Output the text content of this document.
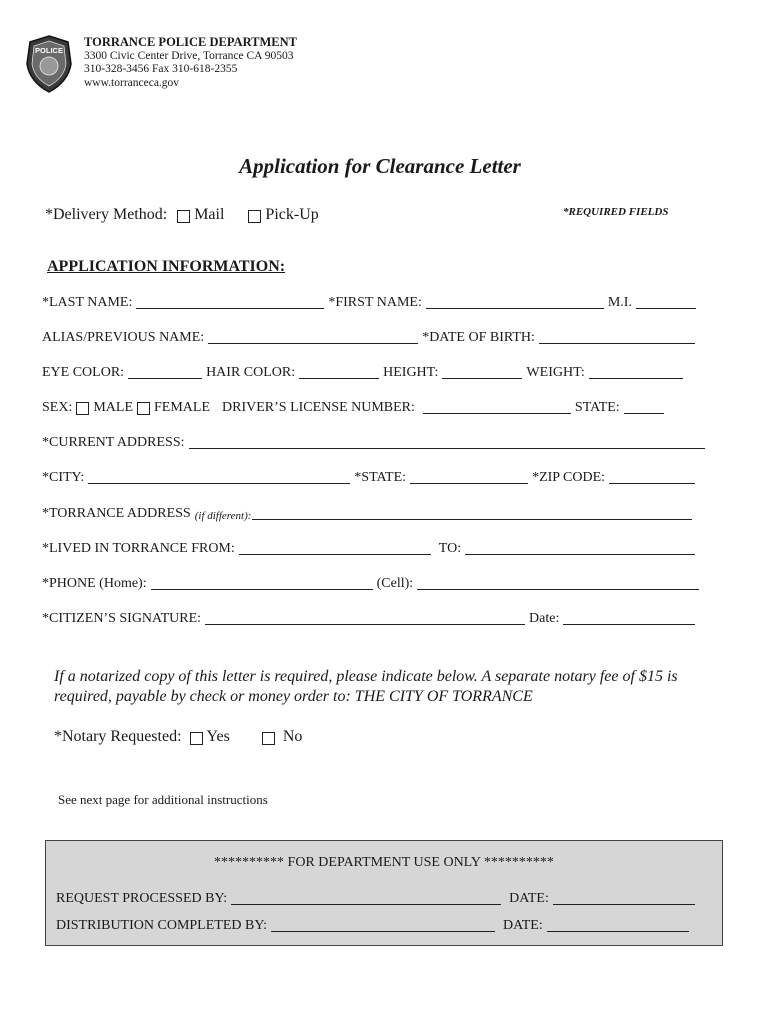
POLICE
TORRANCE POLICE DEPARTMENT
3300 Civic Center Drive, Torrance CA 90503
310-328-3456 Fax 310-618-2355
www.torranceca.gov
Application for Clearance Letter
*Delivery Method: Mail	Pick-Up	*REQUIRED FIELDS
APPLICATION INFORMATION:
*LAST NAME:	*FIRST NAME:	M.I.
ALIAS/PREVIOUS NAME:	*DATE OF BIRTH:
EYE COLOR:	HAIR COLOR:	HEIGHT:	WEIGHT:
SEX: MALE FEMALE DRIVER’S LICENSE NUMBER:	STATE:
*CURRENT ADDRESS:
*CITY:	*STATE:	*ZIP CODE:
*TORRANCE ADDRESS (if different):
*LIVED IN TORRANCE FROM:	TO:
*PHONE (Home):	(Cell):
*CITIZEN’S SIGNATURE:	Date:
If a notarized copy of this letter is required, please indicate below. A separate notary fee of $15 is required, payable by check or money order to: THE CITY OF TORRANCE
*Notary Requested: Yes	No
See next page for additional instructions
********** FOR DEPARTMENT USE ONLY **********
REQUEST PROCESSED BY:	DATE:
DISTRIBUTION COMPLETED BY:	DATE:
